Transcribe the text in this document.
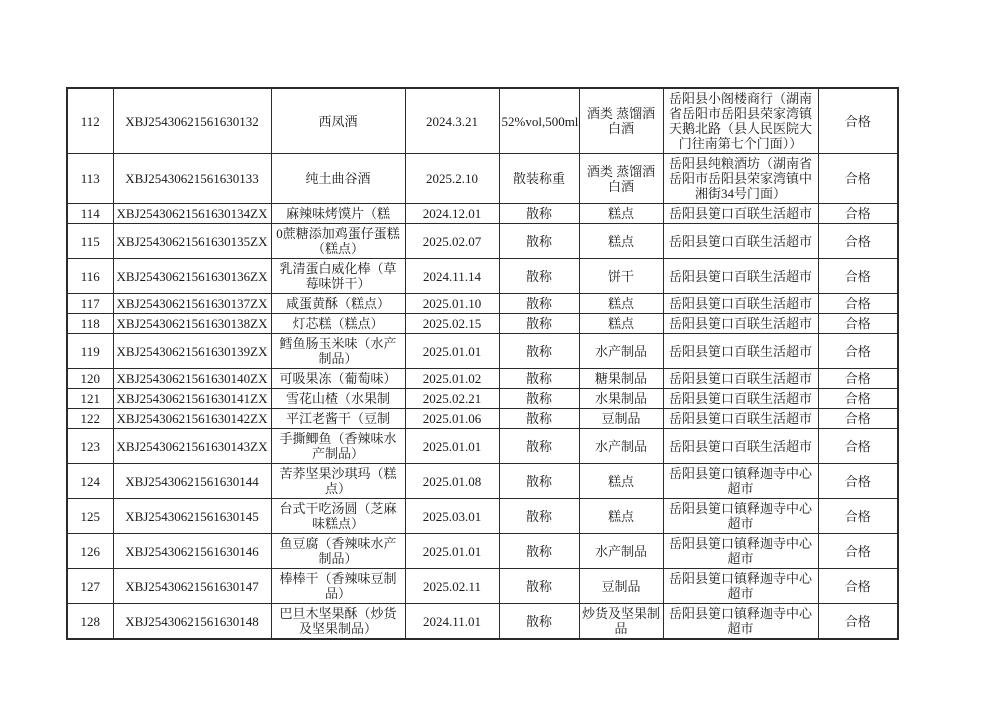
112	XBJ25430621561630132	西凤酒	2024.3.21	52%vol,500ml	酒类 蒸馏酒白酒	岳阳县小阁楼商行（湖南省岳阳市岳阳县荣家湾镇天鹅北路（县人民医院大门往南第七个门面））	合格
113	XBJ25430621561630133	纯土曲谷酒	2025.2.10	散装称重	酒类 蒸馏酒白酒	岳阳县纯粮酒坊（湖南省岳阳市岳阳县荣家湾镇中湘街34号门面）	合格
114	XBJ25430621561630134ZX	麻辣味烤馍片（糕	2024.12.01	散称	糕点	岳阳县筻口百联生活超市	合格
115	XBJ25430621561630135ZX	0蔗糖添加鸡蛋仔蛋糕（糕点）	2025.02.07	散称	糕点	岳阳县筻口百联生活超市	合格
116	XBJ25430621561630136ZX	乳清蛋白威化棒（草莓味饼干）	2024.11.14	散称	饼干	岳阳县筻口百联生活超市	合格
117	XBJ25430621561630137ZX	咸蛋黄酥（糕点）	2025.01.10	散称	糕点	岳阳县筻口百联生活超市	合格
118	XBJ25430621561630138ZX	灯芯糕（糕点）	2025.02.15	散称	糕点	岳阳县筻口百联生活超市	合格
119	XBJ25430621561630139ZX	鳕鱼肠玉米味（水产制品）	2025.01.01	散称	水产制品	岳阳县筻口百联生活超市	合格
120	XBJ25430621561630140ZX	可吸果冻（葡萄味）	2025.01.02	散称	糖果制品	岳阳县筻口百联生活超市	合格
121	XBJ25430621561630141ZX	雪花山楂（水果制	2025.02.21	散称	水果制品	岳阳县筻口百联生活超市	合格
122	XBJ25430621561630142ZX	平江老酱干（豆制	2025.01.06	散称	豆制品	岳阳县筻口百联生活超市	合格
123	XBJ25430621561630143ZX	手撕鲫鱼（香辣味水产制品）	2025.01.01	散称	水产制品	岳阳县筻口百联生活超市	合格
124	XBJ25430621561630144	苦荞坚果沙琪玛（糕点）	2025.01.08	散称	糕点	岳阳县筻口镇释迦寺中心超市	合格
125	XBJ25430621561630145	台式干吃汤圆（芝麻味糕点）	2025.03.01	散称	糕点	岳阳县筻口镇释迦寺中心超市	合格
126	XBJ25430621561630146	鱼豆腐（香辣味水产制品）	2025.01.01	散称	水产制品	岳阳县筻口镇释迦寺中心超市	合格
127	XBJ25430621561630147	棒棒干（香辣味豆制品）	2025.02.11	散称	豆制品	岳阳县筻口镇释迦寺中心超市	合格
128	XBJ25430621561630148	巴旦木坚果酥（炒货及坚果制品）	2024.11.01	散称	炒货及坚果制品	岳阳县筻口镇释迦寺中心超市	合格
